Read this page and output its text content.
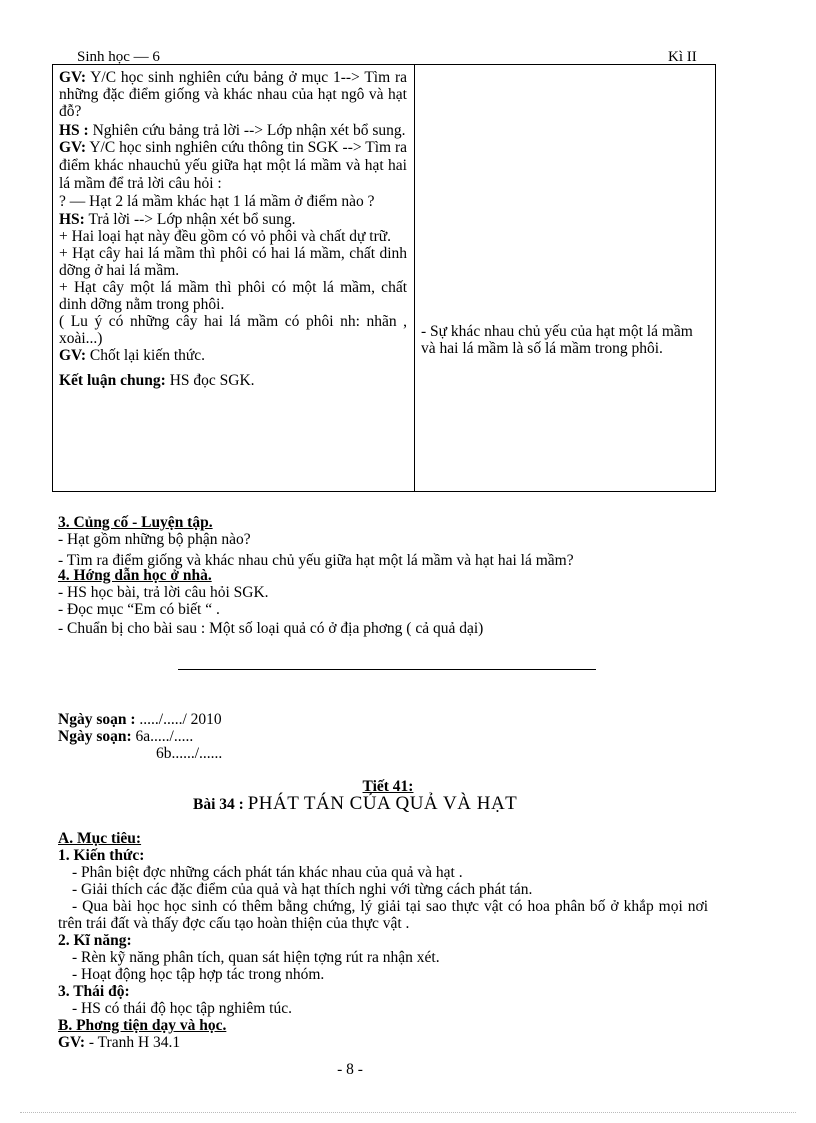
Sinh học — 6	Kì II

GV: Y/C học sinh nghiên cứu bảng ở mục 1--> Tìm ra những đặc điểm giống và khác nhau của hạt ngô và hạt đỗ?

HS : Nghiên cứu bảng trả lời --> Lớp nhận xét bổ sung.

GV: Y/C học sinh nghiên cứu thông tin SGK --> Tìm ra điểm khác nhauchủ yếu giữa hạt một lá mầm và hạt hai lá mầm để trả lời câu hỏi :

? — Hạt 2 lá mầm khác hạt 1 lá mầm ở điểm nào ?

HS: Trả lời --> Lớp nhận xét bổ sung.

+ Hai loại hạt này đều gồm có vỏ phôi và chất dự trữ.

+ Hạt cây hai lá mầm thì phôi có hai lá mầm, chất dinh dỡng ở hai lá mầm.

+ Hạt cây một lá mầm thì phôi có một lá mầm, chất dinh dỡng nằm trong phôi.

( Lu ý có những cây hai lá mầm có phôi nh: nhãn , xoài...)

GV: Chốt lại kiến thức.

Kết luận chung: HS đọc SGK.

- Sự khác nhau chủ yếu của hạt một lá mầm và hai lá mầm là số lá mầm trong phôi.
3. Củng cố - Luyện tập.
- Hạt gồm những bộ phận nào?
- Tìm ra điểm giống và khác nhau chủ yếu giữa hạt một lá mầm và hạt hai lá mầm?
4. Hớng dẫn học ở nhà.
- HS học bài, trả lời câu hỏi SGK.
- Đọc mục “Em có biết “ .
- Chuẩn bị cho bài sau : Một số loại quả có ở địa phơng ( cả quả dại)
Ngày soạn : ...../...../ 2010
Ngày soạn: 6a...../.....
6b....../......
Tiết 41:
Bài 34 : PHÁT TÁN CỦA QUẢ VÀ HẠT
A. Mục tiêu:
1. Kiến thức:
- Phân biệt đợc những cách phát tán khác nhau của quả và hạt .
- Giải thích các đặc điểm của quả và hạt thích nghi với từng cách phát tán.
- Qua bài học học sinh có thêm bằng chứng, lý giải tại sao thực vật có hoa phân bố ở khắp mọi nơi trên trái đất và thấy đợc cấu tạo hoàn thiện của thực vật .
2. Kĩ năng:
- Rèn kỹ năng phân tích, quan sát hiện tợng rút ra nhận xét.
- Hoạt động học tập hợp tác trong nhóm.
3. Thái độ:
- HS có thái độ học tập nghiêm túc.
B. Phơng tiện dạy và học.
GV: - Tranh H 34.1
- 8 -
